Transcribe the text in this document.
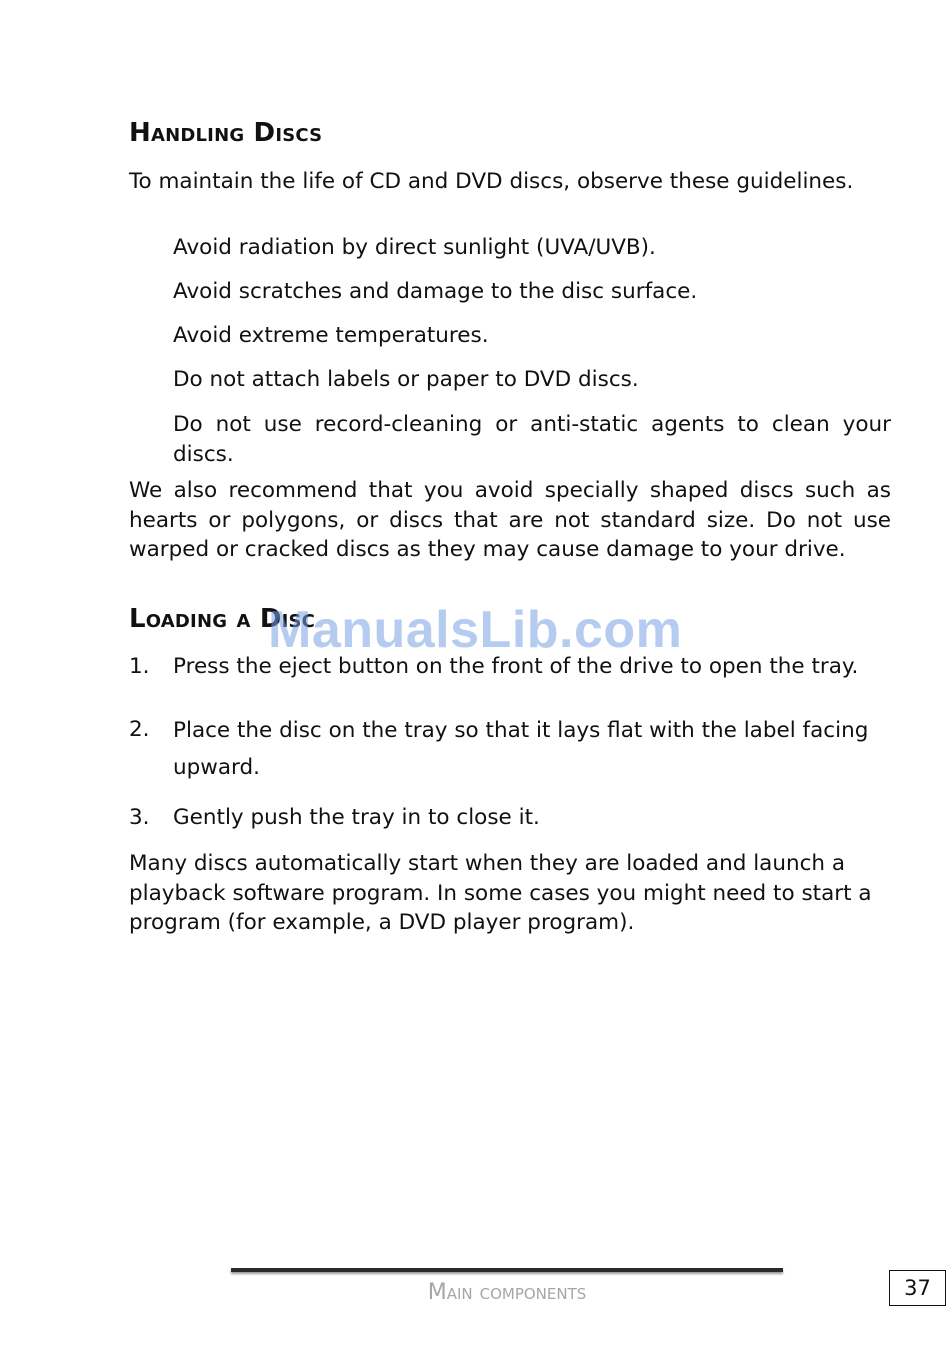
Handling Discs

To maintain the life of CD and DVD discs, observe these guidelines.

Avoid radiation by direct sunlight (UVA/UVB).

Avoid scratches and damage to the disc surface.

Avoid extreme temperatures.

Do not attach labels or paper to DVD discs.

Do not use record-cleaning or anti-static agents to clean your discs.

We also recommend that you avoid specially shaped discs such as hearts or polygons, or discs that are not standard size. Do not use warped or cracked discs as they may cause damage to your drive.

Loading a Disc
1.	Press the eject button on the front of the drive to open the tray.
2.	Place the disc on the tray so that it lays flat with the label facing upward.
3.	Gently push the tray in to close it.

Many discs automatically start when they are loaded and launch a playback software program. In some cases you might need to start a program (for example, a DVD player program).

ManualsLib.com
Main components	37
